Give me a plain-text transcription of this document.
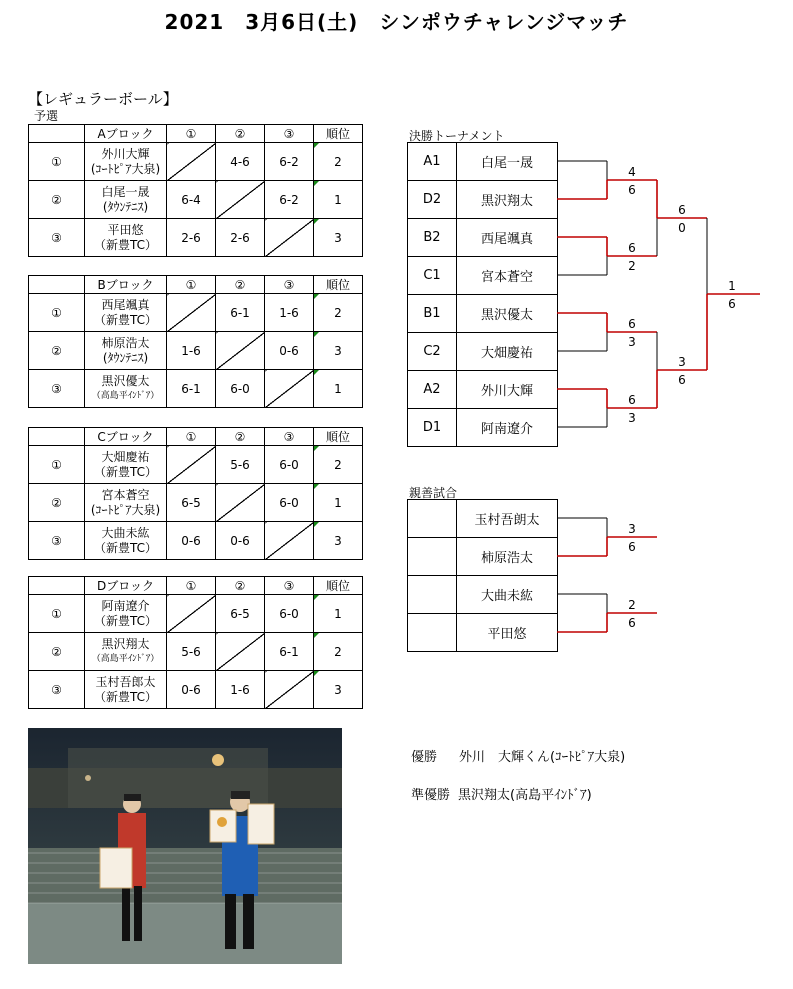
2021　3月6日(土)　シンポウチャレンジマッチ
【レギュラーボール】
予選
	Aブロック	①	②	③	順位
①	外川大輝
(ｺｰﾄﾋﾟｱ大泉)		4-6	6-2	2
②	白尾一晟
(ﾀｳﾝﾃﾆｽ)	6-4		6-2	1
③	平田悠
（新豊TC）	2-6	2-6		3
	Bブロック	①	②	③	順位
①	西尾颯真
（新豊TC）		6-1	1-6	2
②	柿原浩太
(ﾀｳﾝﾃﾆｽ)	1-6		0-6	3
③	黒沢優太
（高島平ｲﾝﾄﾞｱ）	6-1	6-0		1
	Cブロック	①	②	③	順位
①	大畑慶祐
（新豊TC）		5-6	6-0	2
②	宮本蒼空
(ｺｰﾄﾋﾟｱ大泉)	6-5		6-0	1
③	大曲未紘
（新豊TC）	0-6	0-6		3
	Dブロック	①	②	③	順位
①	阿南遼介
（新豊TC）		6-5	6-0	1
②	黒沢翔太
（高島平ｲﾝﾄﾞｱ）	5-6		6-1	2
③	玉村吾郎太
（新豊TC）	0-6	1-6		3
決勝トーナメント
A1	白尾一晟
D2	黒沢翔太
B2	西尾颯真
C1	宮本蒼空
B1	黒沢優太
C2	大畑慶祐
A2	外川大輝
D1	阿南遼介
親善試合
	玉村吾朗太
	柿原浩太
	大曲未紘
	平田悠
4
6
6
2
6
3
6
3
6
0
3
6
1
6
3
6
2
6
優勝 外川　大輝くん(ｺｰﾄﾋﾟｱ大泉)
準優勝 黒沢翔太(高島平ｲﾝﾄﾞｱ)
